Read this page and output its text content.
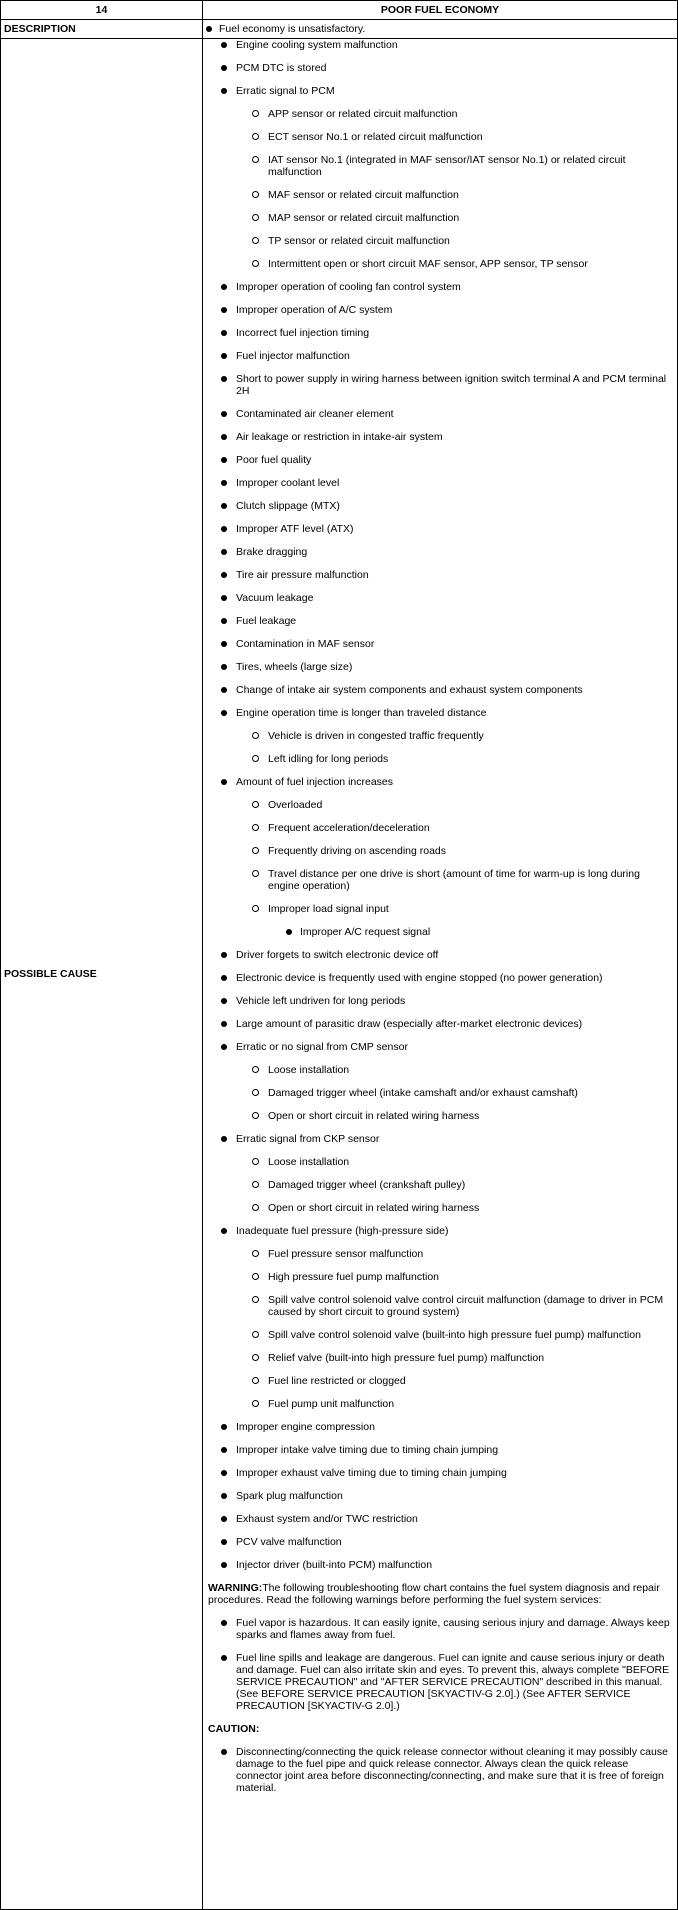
14	POOR FUEL ECONOMY
DESCRIPTION	Fuel economy is unsatisfactory.
POSSIBLE CAUSE
Engine cooling system malfunction
PCM DTC is stored
Erratic signal to PCM
APP sensor or related circuit malfunction
ECT sensor No.1 or related circuit malfunction
IAT sensor No.1 (integrated in MAF sensor/IAT sensor No.1) or related circuit malfunction
MAF sensor or related circuit malfunction
MAP sensor or related circuit malfunction
TP sensor or related circuit malfunction
Intermittent open or short circuit MAF sensor, APP sensor, TP sensor
Improper operation of cooling fan control system
Improper operation of A/C system
Incorrect fuel injection timing
Fuel injector malfunction
Short to power supply in wiring harness between ignition switch terminal A and PCM terminal 2H
Contaminated air cleaner element
Air leakage or restriction in intake-air system
Poor fuel quality
Improper coolant level
Clutch slippage (MTX)
Improper ATF level (ATX)
Brake dragging
Tire air pressure malfunction
Vacuum leakage
Fuel leakage
Contamination in MAF sensor
Tires, wheels (large size)
Change of intake air system components and exhaust system components
Engine operation time is longer than traveled distance
Vehicle is driven in congested traffic frequently
Left idling for long periods
Amount of fuel injection increases
Overloaded
Frequent acceleration/deceleration
Frequently driving on ascending roads
Travel distance per one drive is short (amount of time for warm-up is long during engine operation)
Improper load signal input
Improper A/C request signal
Driver forgets to switch electronic device off
Electronic device is frequently used with engine stopped (no power generation)
Vehicle left undriven for long periods
Large amount of parasitic draw (especially after-market electronic devices)
Erratic or no signal from CMP sensor
Loose installation
Damaged trigger wheel (intake camshaft and/or exhaust camshaft)
Open or short circuit in related wiring harness
Erratic signal from CKP sensor
Loose installation
Damaged trigger wheel (crankshaft pulley)
Open or short circuit in related wiring harness
Inadequate fuel pressure (high-pressure side)
Fuel pressure sensor malfunction
High pressure fuel pump malfunction
Spill valve control solenoid valve control circuit malfunction (damage to driver in PCM caused by short circuit to ground system)
Spill valve control solenoid valve (built-into high pressure fuel pump) malfunction
Relief valve (built-into high pressure fuel pump) malfunction
Fuel line restricted or clogged
Fuel pump unit malfunction
Improper engine compression
Improper intake valve timing due to timing chain jumping
Improper exhaust valve timing due to timing chain jumping
Spark plug malfunction
Exhaust system and/or TWC restriction
PCV valve malfunction
Injector driver (built-into PCM) malfunction
WARNING:The following troubleshooting flow chart contains the fuel system diagnosis and repair procedures. Read the following warnings before performing the fuel system services:
Fuel vapor is hazardous. It can easily ignite, causing serious injury and damage. Always keep sparks and flames away from fuel.
Fuel line spills and leakage are dangerous. Fuel can ignite and cause serious injury or death and damage. Fuel can also irritate skin and eyes. To prevent this, always complete "BEFORE SERVICE PRECAUTION" and "AFTER SERVICE PRECAUTION" described in this manual. (See BEFORE SERVICE PRECAUTION [SKYACTIV-G 2.0].) (See AFTER SERVICE PRECAUTION [SKYACTIV-G 2.0].)
CAUTION:
Disconnecting/connecting the quick release connector without cleaning it may possibly cause damage to the fuel pipe and quick release connector. Always clean the quick release connector joint area before disconnecting/connecting, and make sure that it is free of foreign material.
